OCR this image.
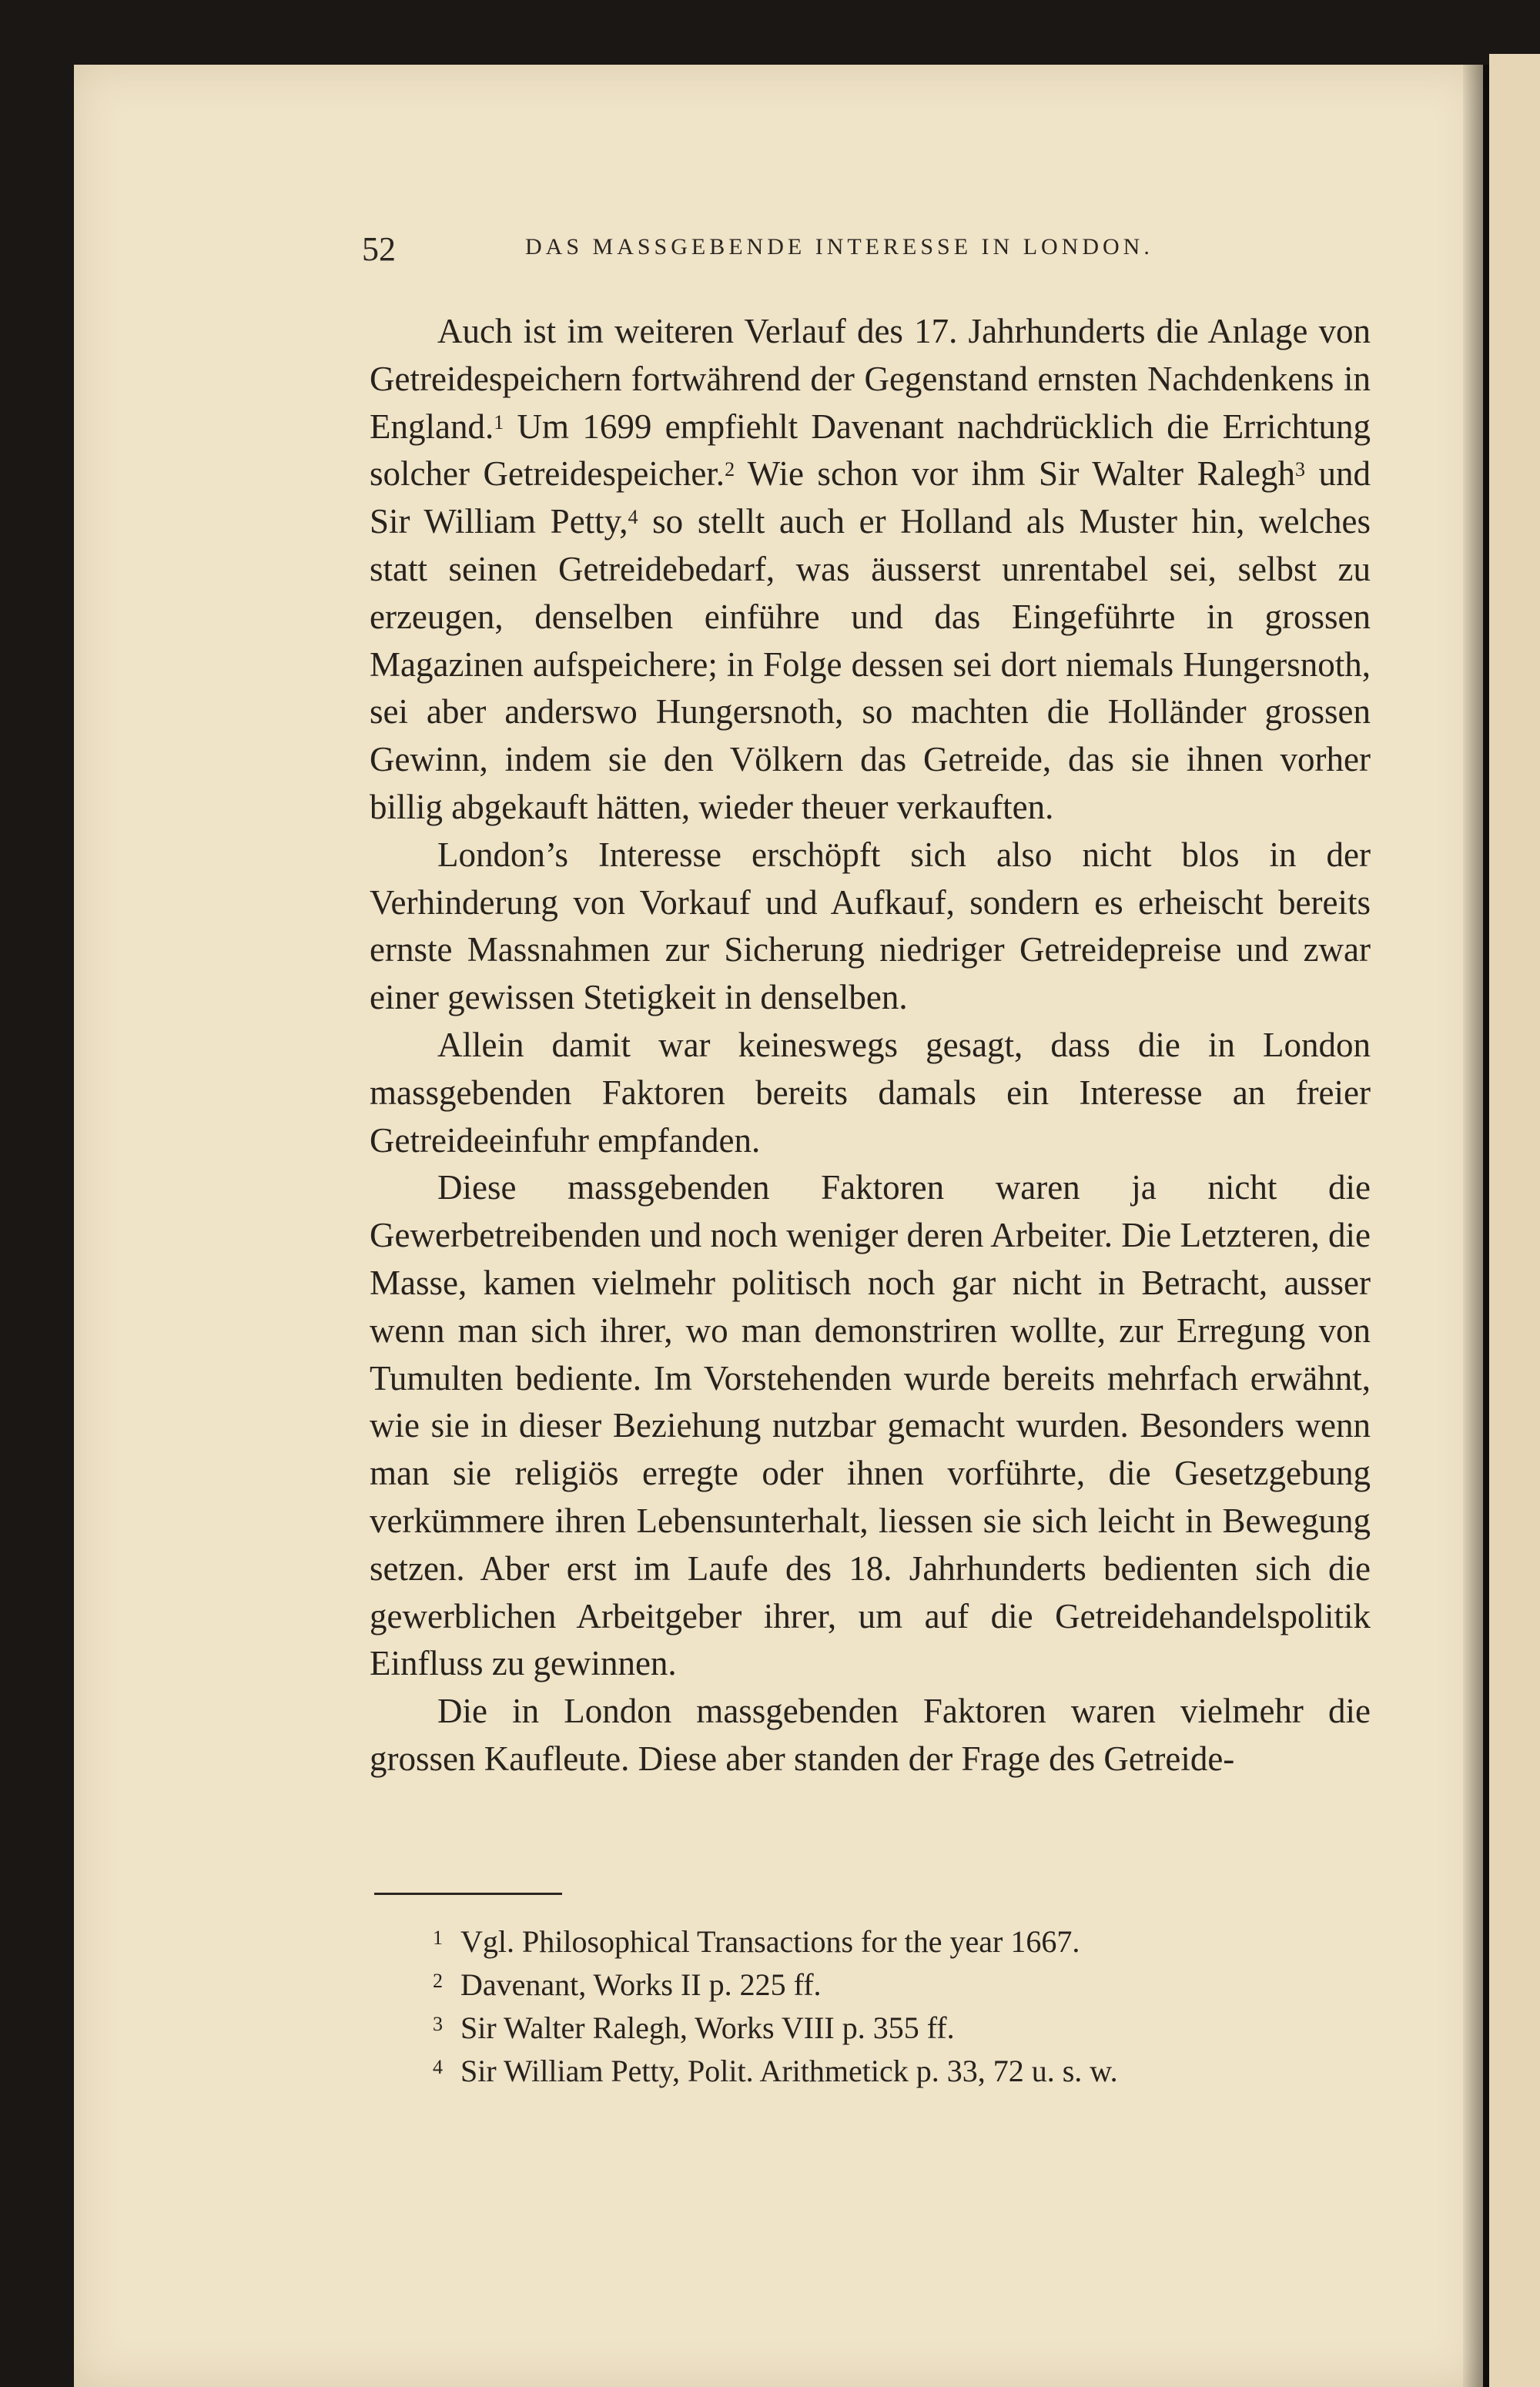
52	DAS MASSGEBENDE INTERESSE IN LONDON.

Auch ist im weiteren Verlauf des 17. Jahrhunderts die Anlage von Getreidespeichern fortwährend der Gegenstand ernsten Nachdenkens in England.$^1$ Um 1699 empfiehlt Davenant nachdrücklich die Errichtung solcher Getreidespeicher.$^2$ Wie schon vor ihm Sir Walter Ralegh$^3$ und Sir William Petty,$^4$ so stellt auch er Holland als Muster hin, welches statt seinen Getreidebedarf, was äusserst unrentabel sei, selbst zu erzeugen, denselben einführe und das Eingeführte in grossen Magazinen aufspeichere; in Folge dessen sei dort niemals Hungersnoth, sei aber anderswo Hungersnoth, so machten die Holländer grossen Gewinn, indem sie den Völkern das Getreide, das sie ihnen vorher billig abgekauft hätten, wieder theuer verkauften.

London’s Interesse erschöpft sich also nicht blos in der Verhinderung von Vorkauf und Aufkauf, sondern es erheischt bereits ernste Massnahmen zur Sicherung niedriger Getreidepreise und zwar einer gewissen Stetigkeit in denselben.

Allein damit war keineswegs gesagt, dass die in London massgebenden Faktoren bereits damals ein Interesse an freier Getreideeinfuhr empfanden.

Diese massgebenden Faktoren waren ja nicht die Gewerbetreibenden und noch weniger deren Arbeiter. Die Letzteren, die Masse, kamen vielmehr politisch noch gar nicht in Betracht, ausser wenn man sich ihrer, wo man demonstriren wollte, zur Erregung von Tumulten bediente. Im Vorstehenden wurde bereits mehrfach erwähnt, wie sie in dieser Beziehung nutzbar gemacht wurden. Besonders wenn man sie religiös erregte oder ihnen vorführte, die Gesetzgebung verkümmere ihren Lebensunterhalt, liessen sie sich leicht in Bewegung setzen. Aber erst im Laufe des 18. Jahrhunderts bedienten sich die gewerblichen Arbeitgeber ihrer, um auf die Getreidehandelspolitik Einfluss zu gewinnen.

Die in London massgebenden Faktoren waren vielmehr die grossen Kaufleute. Diese aber standen der Frage des Getreide-

1 Vgl. Philosophical Transactions for the year 1667.
2 Davenant, Works II p. 225 ff.
3 Sir Walter Ralegh, Works VIII p. 355 ff.
4 Sir William Petty, Polit. Arithmetick p. 33, 72 u. s. w.
